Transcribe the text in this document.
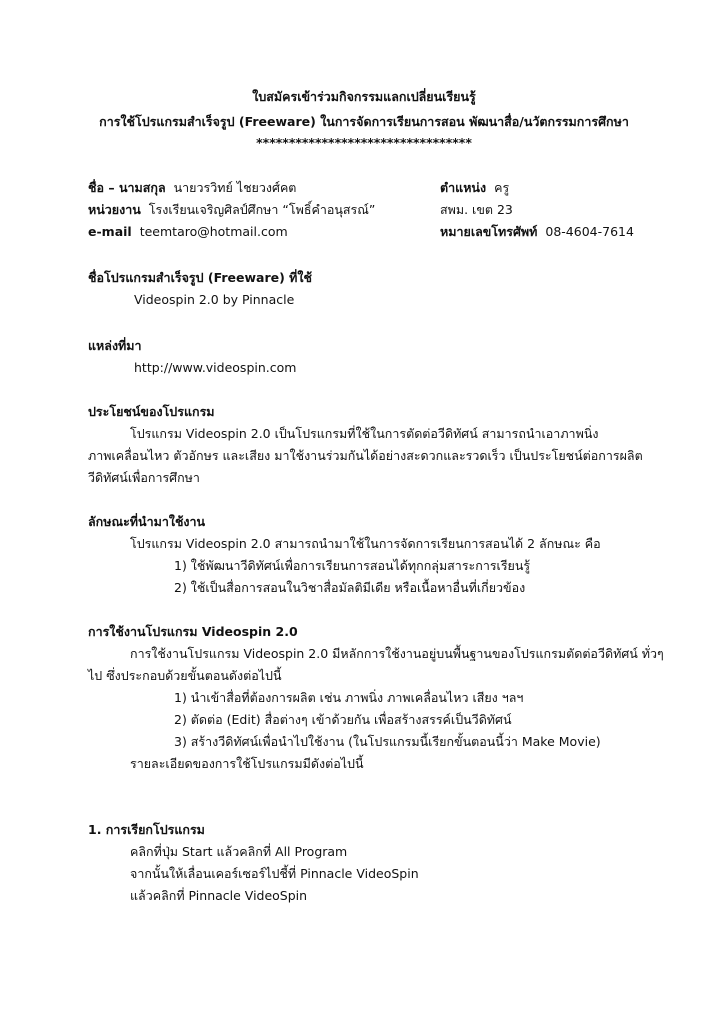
ใบสมัครเข้าร่วมกิจกรรมแลกเปลี่ยนเรียนรู้
การใช้โปรแกรมสำเร็จรูป (Freeware) ในการจัดการเรียนการสอน พัฒนาสื่อ/นวัตกรรมการศึกษา
*********************************
ชื่อ – นามสกุล นายวรวิทย์ ไชยวงศ์คต	ตำแหน่ง ครู
หน่วยงาน โรงเรียนเจริญศิลป์ศึกษา “โพธิ์คำอนุสรณ์”	สพม. เขต 23
e-mail teemtaro@hotmail.com	หมายเลขโทรศัพท์ 08-4604-7614
ชื่อโปรแกรมสำเร็จรูป (Freeware) ที่ใช้
Videospin 2.0 by Pinnacle
แหล่งที่มา
http://www.videospin.com
ประโยชน์ของโปรแกรม
โปรแกรม Videospin 2.0 เป็นโปรแกรมที่ใช้ในการตัดต่อวีดิทัศน์ สามารถนำเอาภาพนิ่ง
ภาพเคลื่อนไหว ตัวอักษร และเสียง มาใช้งานร่วมกันได้อย่างสะดวกและรวดเร็ว เป็นประโยชน์ต่อการผลิต
วีดิทัศน์เพื่อการศึกษา
ลักษณะที่นำมาใช้งาน
โปรแกรม Videospin 2.0 สามารถนำมาใช้ในการจัดการเรียนการสอนได้ 2 ลักษณะ คือ
1) ใช้พัฒนาวีดิทัศน์เพื่อการเรียนการสอนได้ทุกกลุ่มสาระการเรียนรู้
2) ใช้เป็นสื่อการสอนในวิชาสื่อมัลติมีเดีย หรือเนื้อหาอื่นที่เกี่ยวข้อง
การใช้งานโปรแกรม Videospin 2.0
การใช้งานโปรแกรม Videospin 2.0 มีหลักการใช้งานอยู่บนพื้นฐานของโปรแกรมตัดต่อวีดิทัศน์ ทั่วๆ
ไป ซึ่งประกอบด้วยขั้นตอนดังต่อไปนี้
1) นำเข้าสื่อที่ต้องการผลิต เช่น ภาพนิ่ง ภาพเคลื่อนไหว เสียง ฯลฯ
2) ตัดต่อ (Edit) สื่อต่างๆ เข้าด้วยกัน เพื่อสร้างสรรค์เป็นวีดิทัศน์
3) สร้างวีดิทัศน์เพื่อนำไปใช้งาน (ในโปรแกรมนี้เรียกขั้นตอนนี้ว่า Make Movie)
รายละเอียดของการใช้โปรแกรมมีดังต่อไปนี้
1. การเรียกโปรแกรม
คลิกที่ปุ่ม Start แล้วคลิกที่ All Program
จากนั้นให้เลื่อนเคอร์เซอร์ไปชี้ที่ Pinnacle VideoSpin
แล้วคลิกที่ Pinnacle VideoSpin
